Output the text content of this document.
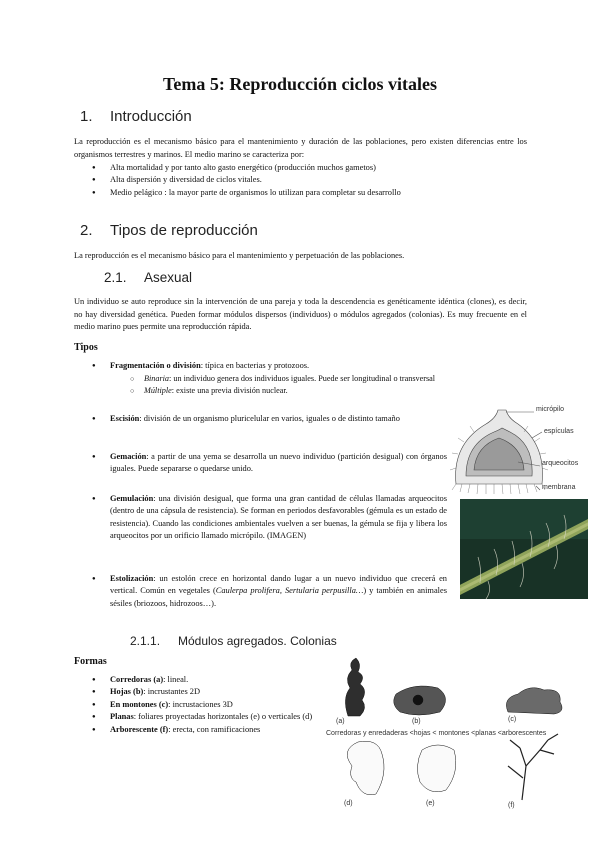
Tema 5: Reproducción ciclos vitales
1. Introducción
La reproducción es el mecanismo básico para el mantenimiento y duración de las poblaciones, pero existen diferencias entre los organismos terrestres y marinos. El medio marino se caracteriza por:
● Alta mortalidad y por tanto alto gasto energético (producción muchos gametos)
● Alta dispersión y diversidad de ciclos vitales.
● Medio pelágico : la mayor parte de organismos lo utilizan para completar su desarrollo
2. Tipos de reproducción
La reproducción es el mecanismo básico para el mantenimiento y perpetuación de las poblaciones.
2.1. Asexual
Un individuo se auto reproduce sin la intervención de una pareja y toda la descendencia es genéticamente idéntica (clones), es decir, no hay diversidad genética. Pueden formar módulos dispersos (individuos) o módulos agregados (colonias). Es muy frecuente en el medio marino pues permite una reproducción rápida.
Tipos
● Fragmentación o división: típica en bacterias y protozoos.
○ Binaria: un individuo genera dos individuos iguales. Puede ser longitudinal o transversal
○ Múltiple: existe una previa división nuclear.
● Escisión: división de un organismo pluricelular en varios, iguales o de distinto tamaño
● Gemación: a partir de una yema se desarrolla un nuevo individuo (partición desigual) con órganos iguales. Puede separarse o quedarse unido.
● Gemulación: una división desigual, que forma una gran cantidad de células llamadas arqueocitos (dentro de una cápsula de resistencia). Se forman en periodos desfavorables (gémula es un estado de resistencia). Cuando las condiciones ambientales vuelven a ser buenas, la gémula se fija y libera los arqueocitos por un orificio llamado micrópilo. (IMAGEN)
● Estolización: un estolón crece en horizontal dando lugar a un nuevo individuo que crecerá en vertical. Común en vegetales (Caulerpa prolifera, Sertularia perpusilla…) y también en animales sésiles (briozoos, hidrozoos…).
micrópilo
espículas
arqueocitos
membrana
2.1.1. Módulos agregados. Colonias
Formas
● Corredoras (a): lineal.
● Hojas (b): incrustantes 2D
● En montones (c): incrustaciones 3D
● Planas: foliares proyectadas horizontales (e) o verticales (d)
● Arborescente (f): erecta, con ramificaciones	Corredoras y enredaderas <hojas < montones <planas <arborescentes
(a)	(b)	(c)
(d)	(e)	(f)
